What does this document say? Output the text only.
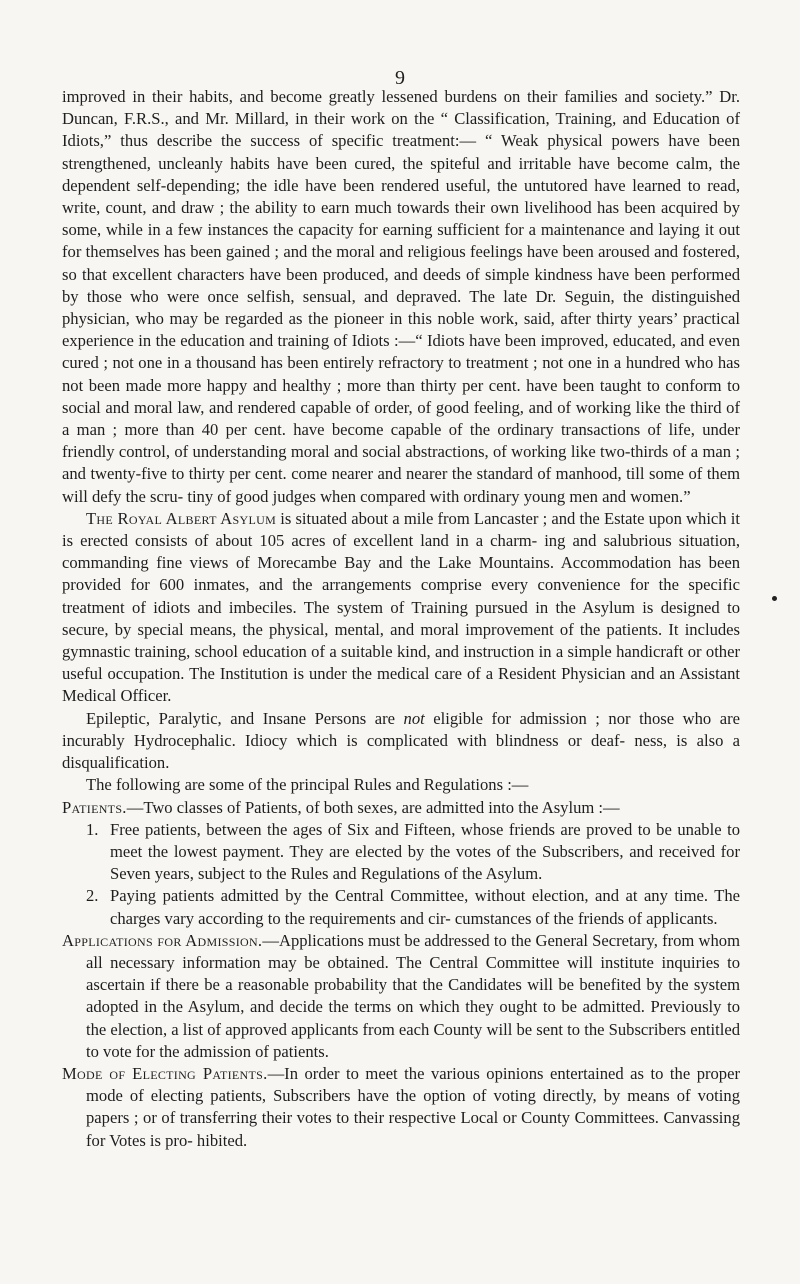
9

improved in their habits, and become greatly lessened burdens on their families and society.” Dr. Duncan, F.R.S., and Mr. Millard, in their work on the “ Classification, Training, and Education of Idiots,” thus describe the success of specific treatment:— “ Weak physical powers have been strengthened, uncleanly habits have been cured, the spiteful and irritable have become calm, the dependent self-depending; the idle have been rendered useful, the untutored have learned to read, write, count, and draw ; the ability to earn much towards their own livelihood has been acquired by some, while in a few instances the capacity for earning sufficient for a maintenance and laying it out for themselves has been gained ; and the moral and religious feelings have been aroused and fostered, so that excellent characters have been produced, and deeds of simple kindness have been performed by those who were once selfish, sensual, and depraved. The late Dr. Seguin, the distinguished physician, who may be regarded as the pioneer in this noble work, said, after thirty years’ practical experience in the education and training of Idiots :—“ Idiots have been improved, educated, and even cured ; not one in a thousand has been entirely refractory to treatment ; not one in a hundred who has not been made more happy and healthy ; more than thirty per cent. have been taught to conform to social and moral law, and rendered capable of order, of good feeling, and of working like the third of a man ; more than 40 per cent. have become capable of the ordinary transactions of life, under friendly control, of understanding moral and social abstractions, of working like two-thirds of a man ; and twenty-five to thirty per cent. come nearer and nearer the standard of manhood, till some of them will defy the scru- tiny of good judges when compared with ordinary young men and women.”

The Royal Albert Asylum is situated about a mile from Lancaster ; and the Estate upon which it is erected consists of about 105 acres of excellent land in a charm- ing and salubrious situation, commanding fine views of Morecambe Bay and the Lake Mountains. Accommodation has been provided for 600 inmates, and the arrangements comprise every convenience for the specific treatment of idiots and imbeciles. The system of Training pursued in the Asylum is designed to secure, by special means, the physical, mental, and moral improvement of the patients. It includes gymnastic training, school education of a suitable kind, and instruction in a simple handicraft or other useful occupation. The Institution is under the medical care of a Resident Physician and an Assistant Medical Officer.

Epileptic, Paralytic, and Insane Persons are not eligible for admission ; nor those who are incurably Hydrocephalic. Idiocy which is complicated with blindness or deaf- ness, is also a disqualification.

The following are some of the principal Rules and Regulations :—

Patients.—Two classes of Patients, of both sexes, are admitted into the Asylum :—

1. Free patients, between the ages of Six and Fifteen, whose friends are proved to be unable to meet the lowest payment. They are elected by the votes of the Subscribers, and received for Seven years, subject to the Rules and Regulations of the Asylum.
2. Paying patients admitted by the Central Committee, without election, and at any time. The charges vary according to the requirements and cir- cumstances of the friends of applicants.

Applications for Admission.—Applications must be addressed to the General Secretary, from whom all necessary information may be obtained. The Central Committee will institute inquiries to ascertain if there be a reasonable probability that the Candidates will be benefited by the system adopted in the Asylum, and decide the terms on which they ought to be admitted. Previously to the election, a list of approved applicants from each County will be sent to the Subscribers entitled to vote for the admission of patients.

Mode of Electing Patients.—In order to meet the various opinions entertained as to the proper mode of electing patients, Subscribers have the option of voting directly, by means of voting papers ; or of transferring their votes to their respective Local or County Committees. Canvassing for Votes is pro- hibited.
